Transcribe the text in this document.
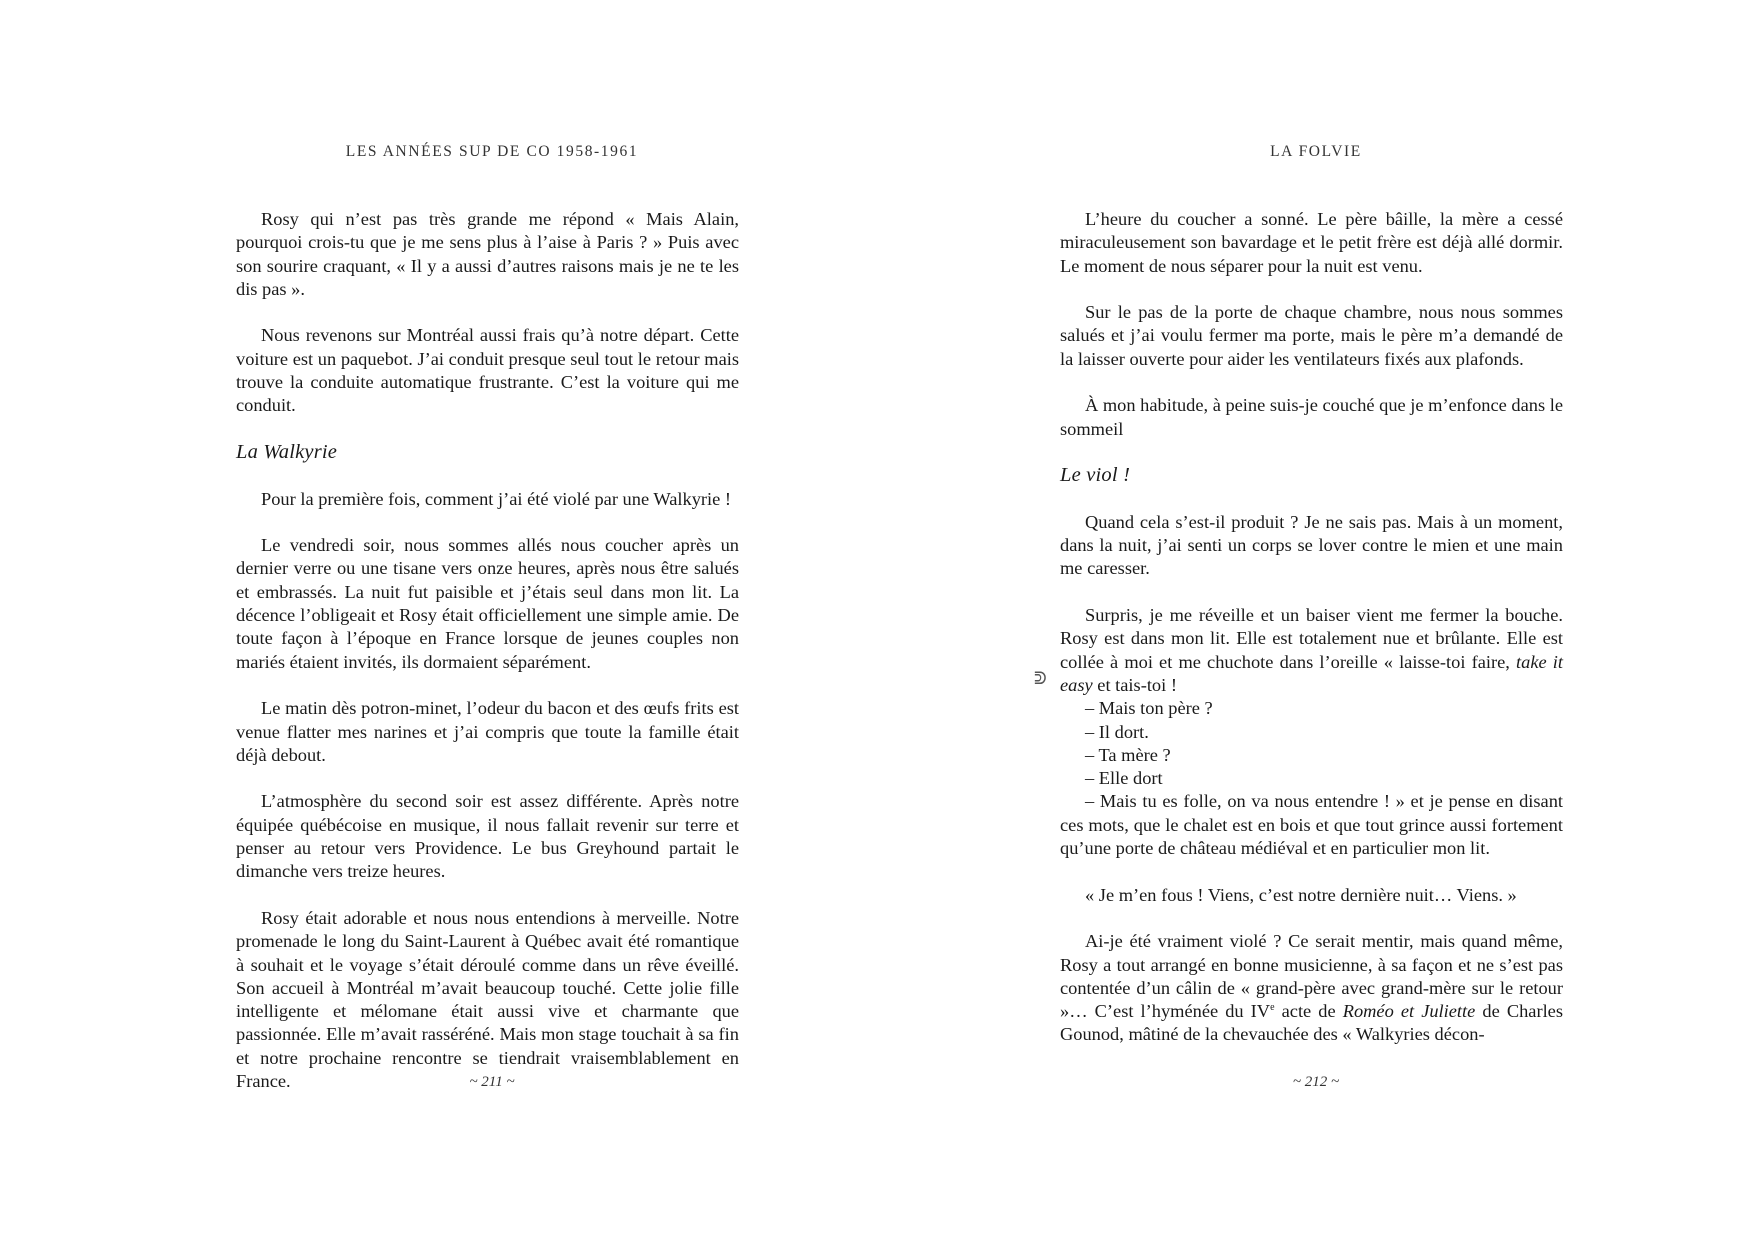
LES ANNÉES SUP DE CO 1958-1961

Rosy qui n’est pas très grande me répond « Mais Alain, pourquoi crois-tu que je me sens plus à l’aise à Paris ? » Puis avec son sourire craquant, « Il y a aussi d’autres raisons mais je ne te les dis pas ».

Nous revenons sur Montréal aussi frais qu’à notre départ. Cette voiture est un paquebot. J’ai conduit presque seul tout le retour mais trouve la conduite automatique frustrante. C’est la voiture qui me conduit.

La Walkyrie

Pour la première fois, comment j’ai été violé par une Walkyrie !

Le vendredi soir, nous sommes allés nous coucher après un dernier verre ou une tisane vers onze heures, après nous être salués et embrassés. La nuit fut paisible et j’étais seul dans mon lit. La décence l’obligeait et Rosy était officiellement une simple amie. De toute façon à l’époque en France lorsque de jeunes couples non mariés étaient invités, ils dormaient séparément.

Le matin dès potron-minet, l’odeur du bacon et des œufs frits est venue flatter mes narines et j’ai compris que toute la famille était déjà debout.

L’atmosphère du second soir est assez différente. Après notre équipée québécoise en musique, il nous fallait revenir sur terre et penser au retour vers Providence. Le bus Greyhound partait le dimanche vers treize heures.

Rosy était adorable et nous nous entendions à merveille. Notre promenade le long du Saint-Laurent à Québec avait été romantique à souhait et le voyage s’était déroulé comme dans un rêve éveillé. Son accueil à Montréal m’avait beaucoup touché. Cette jolie fille intelligente et mélomane était aussi vive et charmante que passionnée. Elle m’avait rasséréné. Mais mon stage touchait à sa fin et notre prochaine rencontre se tiendrait vraisemblablement en France.	~ 211 ~
LA FOLVIE
ᕲ

L’heure du coucher a sonné. Le père bâille, la mère a cessé miraculeusement son bavardage et le petit frère est déjà allé dormir. Le moment de nous séparer pour la nuit est venu.

Sur le pas de la porte de chaque chambre, nous nous sommes salués et j’ai voulu fermer ma porte, mais le père m’a demandé de la laisser ouverte pour aider les ventilateurs fixés aux plafonds.

À mon habitude, à peine suis-je couché que je m’enfonce dans le sommeil

Le viol !

Quand cela s’est-il produit ? Je ne sais pas. Mais à un moment, dans la nuit, j’ai senti un corps se lover contre le mien et une main me caresser.

Surpris, je me réveille et un baiser vient me fermer la bouche. Rosy est dans mon lit. Elle est totalement nue et brûlante. Elle est collée à moi et me chuchote dans l’oreille « laisse-toi faire, take it easy et tais-toi !

– Mais ton père ?

– Il dort.

– Ta mère ?

– Elle dort

– Mais tu es folle, on va nous entendre ! » et je pense en disant ces mots, que le chalet est en bois et que tout grince aussi fortement qu’une porte de château médiéval et en particulier mon lit.

« Je m’en fous ! Viens, c’est notre dernière nuit… Viens. »

Ai-je été vraiment violé ? Ce serait mentir, mais quand même, Rosy a tout arrangé en bonne musicienne, à sa façon et ne s’est pas contentée d’un câlin de « grand-père avec grand-mère sur le retour »… C’est l’hyménée du IVe acte de Roméo et Juliette de Charles Gounod, mâtiné de la chevauchée des « Walkyries décon-

~ 212 ~
